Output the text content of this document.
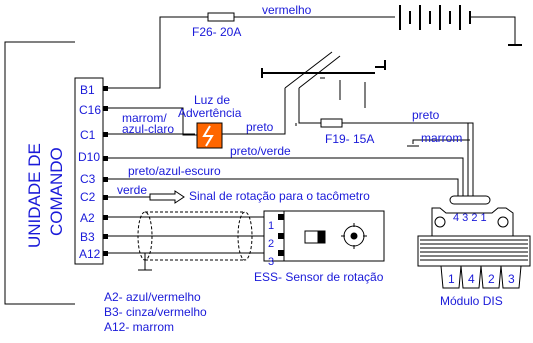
UNIDADE DE COMANDO
B1
C16
C1
D10
C3
C2
A2
B3
A12
F26- 20A
F19- 15A
Luz de
Advertência
vermelho
marrom/
azul-claro	preto
preto
marrom
preto/verde
preto/azul-escuro
verde	Sinal de rotação para o tacômetro
1
2
3
ESS- Sensor de rotação
4 3 2 1
1 4 2 3
Módulo DIS
A2- azul/vermelho
B3- cinza/vermelho
A12- marrom
